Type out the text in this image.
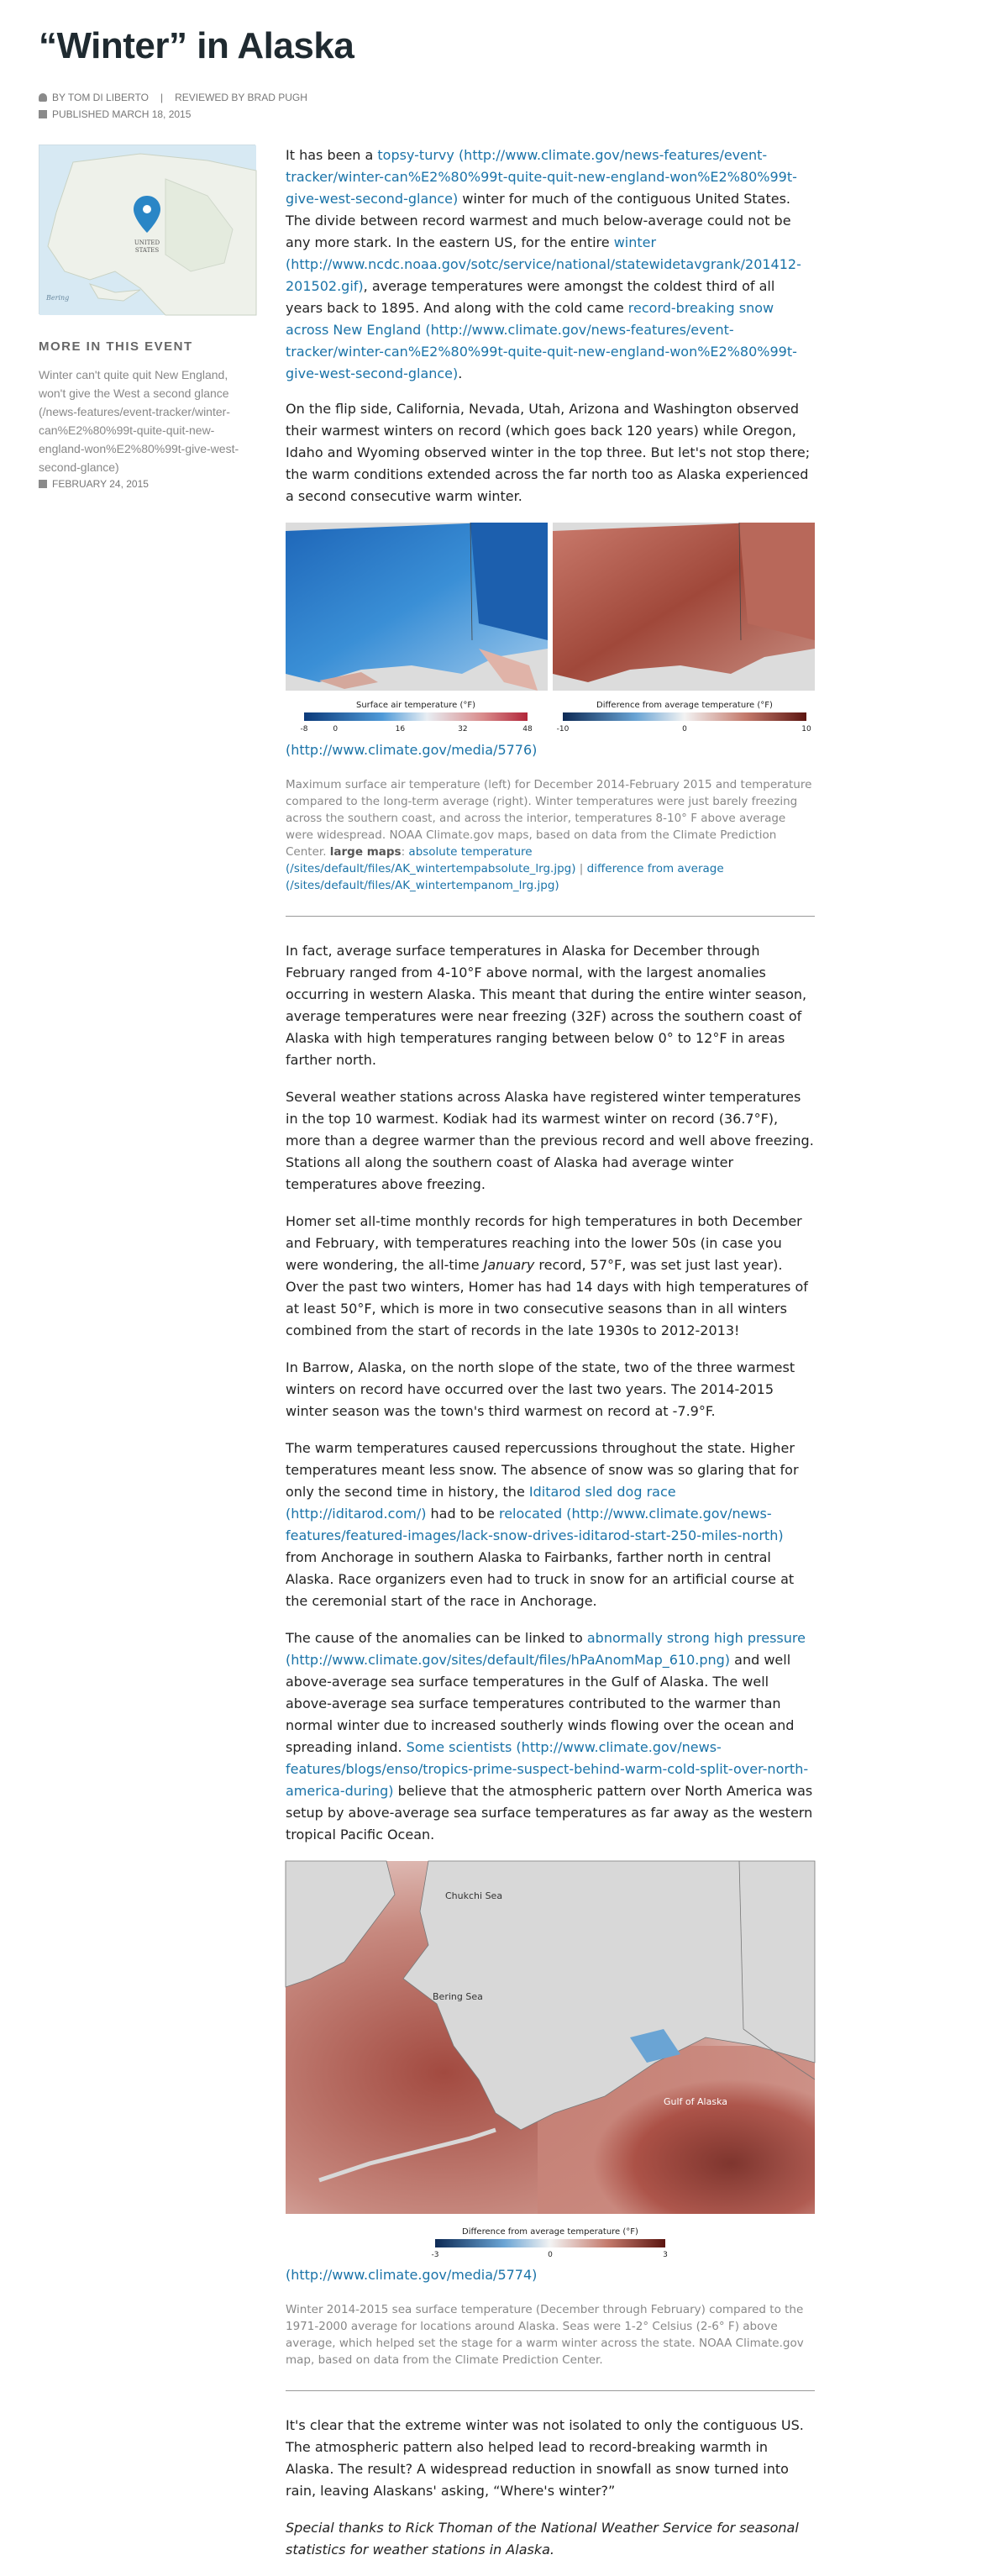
“Winter” in Alaska
BY TOM DI LIBERTO | REVIEWED BY BRAD PUGH
PUBLISHED MARCH 18, 2015
UNITED
STATES
Bering
MORE IN THIS EVENT
Winter can't quite quit New England, won't give the West a second glance (/news-features/event-tracker/winter-can%E2%80%99t-quite-quit-new-england-won%E2%80%99t-give-west-second-glance)
FEBRUARY 24, 2015

It has been a topsy-turvy (http://www.climate.gov/news-features/event-tracker/winter-can%E2%80%99t-quite-quit-new-england-won%E2%80%99t-give-west-second-glance) winter for much of the contiguous United States. The divide between record warmest and much below-average could not be any more stark. In the eastern US, for the entire winter (http://www.ncdc.noaa.gov/sotc/service/national/statewidetavgrank/201412-201502.gif), average temperatures were amongst the coldest third of all years back to 1895. And along with the cold came record-breaking snow across New England (http://www.climate.gov/news-features/event-tracker/winter-can%E2%80%99t-quite-quit-new-england-won%E2%80%99t-give-west-second-glance).

On the flip side, California, Nevada, Utah, Arizona and Washington observed their warmest winters on record (which goes back 120 years) while Oregon, Idaho and Wyoming observed winter in the top three. But let's not stop there; the warm conditions extended across the far north too as Alaska experienced a second consecutive warm winter.

Surface air temperature (°F)
-8	0	16	32	48
Difference from average temperature (°F)
-10	0	10
(http://www.climate.gov/media/5776)
Maximum surface air temperature (left) for December 2014-February 2015 and temperature compared to the long-term average (right). Winter temperatures were just barely freezing across the southern coast, and across the interior, temperatures 8-10° F above average were widespread. NOAA Climate.gov maps, based on data from the Climate Prediction Center. large maps: absolute temperature (/sites/default/files/AK_wintertempabsolute_lrg.jpg) | difference from average (/sites/default/files/AK_wintertempanom_lrg.jpg)

In fact, average surface temperatures in Alaska for December through February ranged from 4-10°F above normal, with the largest anomalies occurring in western Alaska. This meant that during the entire winter season, average temperatures were near freezing (32F) across the southern coast of Alaska with high temperatures ranging between below 0° to 12°F in areas farther north.

Several weather stations across Alaska have registered winter temperatures in the top 10 warmest. Kodiak had its warmest winter on record (36.7°F), more than a degree warmer than the previous record and well above freezing. Stations all along the southern coast of Alaska had average winter temperatures above freezing.

Homer set all-time monthly records for high temperatures in both December and February, with temperatures reaching into the lower 50s (in case you were wondering, the all-time January record, 57°F, was set just last year). Over the past two winters, Homer has had 14 days with high temperatures of at least 50°F, which is more in two consecutive seasons than in all winters combined from the start of records in the late 1930s to 2012-2013!

In Barrow, Alaska, on the north slope of the state, two of the three warmest winters on record have occurred over the last two years. The 2014-2015 winter season was the town's third warmest on record at -7.9°F.

The warm temperatures caused repercussions throughout the state. Higher temperatures meant less snow. The absence of snow was so glaring that for only the second time in history, the Iditarod sled dog race (http://iditarod.com/) had to be relocated (http://www.climate.gov/news-features/featured-images/lack-snow-drives-iditarod-start-250-miles-north) from Anchorage in southern Alaska to Fairbanks, farther north in central Alaska. Race organizers even had to truck in snow for an artificial course at the ceremonial start of the race in Anchorage.

The cause of the anomalies can be linked to abnormally strong high pressure (http://www.climate.gov/sites/default/files/hPaAnomMap_610.png) and well above-average sea surface temperatures in the Gulf of Alaska. The well above-average sea surface temperatures contributed to the warmer than normal winter due to increased southerly winds flowing over the ocean and spreading inland. Some scientists (http://www.climate.gov/news-features/blogs/enso/tropics-prime-suspect-behind-warm-cold-split-over-north-america-during) believe that the atmospheric pattern over North America was setup by above-average sea surface temperatures as far away as the western tropical Pacific Ocean.

Chukchi Sea
Bering Sea
Gulf of Alaska
Difference from average temperature (°F)
-3	0	3
(http://www.climate.gov/media/5774)
Winter 2014-2015 sea surface temperature (December through February) compared to the 1971-2000 average for locations around Alaska. Seas were 1-2° Celsius (2-6° F) above average, which helped set the stage for a warm winter across the state. NOAA Climate.gov map, based on data from the Climate Prediction Center.

It's clear that the extreme winter was not isolated to only the contiguous US. The atmospheric pattern also helped lead to record-breaking warmth in Alaska. The result? A widespread reduction in snowfall as snow turned into rain, leaving Alaskans' asking, “Where's winter?”

Special thanks to Rick Thoman of the National Weather Service for seasonal statistics for weather stations in Alaska.
